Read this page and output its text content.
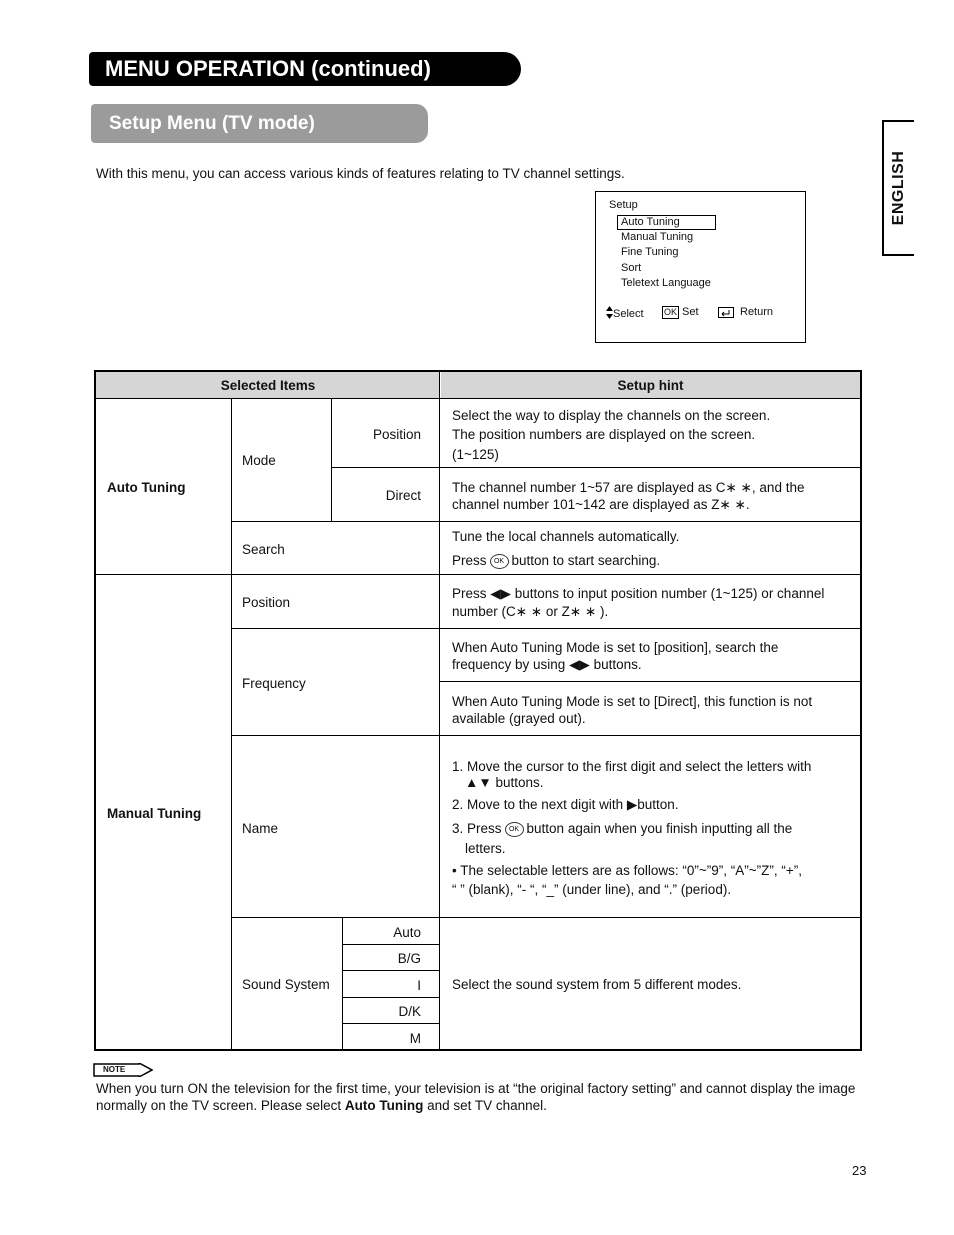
MENU OPERATION (continued)
Setup Menu (TV mode)
ENGLISH
With this menu, you can access various kinds of features relating to TV channel settings.
Setup
Auto Tuning
Manual Tuning
Fine Tuning
Sort
Teletext Language
Select OK Set	Return
Selected Items	Setup hint
Auto Tuning
Mode
Position
Select the way to display the channels on the screen.
The position numbers are displayed on the screen.
(1~125)
Direct
The channel number 1~57 are displayed as C∗ ∗, and the
channel number 101~142 are displayed as Z∗ ∗.
Search
Tune the local channels automatically.
Press OK button to start searching.
Manual Tuning
Position
Press ◀▶ buttons to input position number (1~125) or channel
number (C∗ ∗ or Z∗ ∗ ).
Frequency
When Auto Tuning Mode is set to [position], search the
frequency by using ◀▶ buttons.
When Auto Tuning Mode is set to [Direct], this function is not
available (grayed out).
Name
1. Move the cursor to the first digit and select the letters with
▲▼ buttons.
2. Move to the next digit with ▶button.
3. Press OK button again when you finish inputting all the
letters.
• The selectable letters are as follows: “0”~”9”, “A”~”Z”, “+”,
“ ” (blank), “- “, “_” (under line), and “.” (period).
Sound System
Auto
B/G
I
D/K
M
Select the sound system from 5 different modes.
NOTE
When you turn ON the television for the first time, your television is at “the original factory setting” and cannot display the image normally on the TV screen. Please select Auto Tuning and set TV channel.
23
